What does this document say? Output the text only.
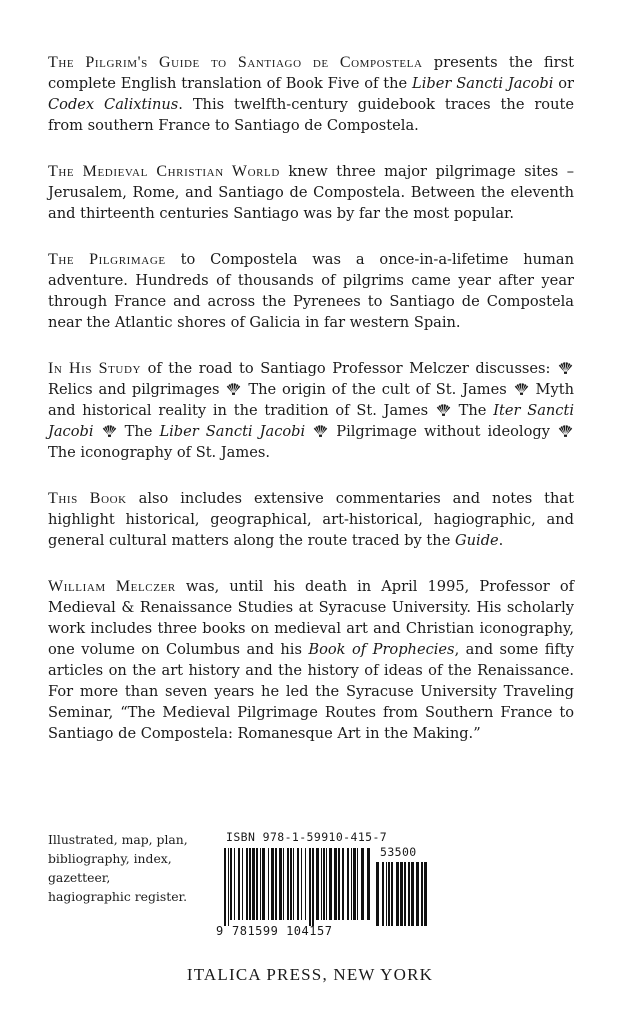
The Pilgrim's Guide to Santiago de Compostela presents the first complete English translation of Book Five of the Liber Sancti Jacobi or Codex Calixtinus. This twelfth-century guidebook traces the route from southern France to Santiago de Compostela.

The Medieval Christian World knew three major pilgrimage sites – Jerusalem, Rome, and Santiago de Compostela. Between the eleventh and thirteenth centuries Santiago was by far the most popular.

The Pilgrimage to Compostela was a once-in-a-lifetime human adventure. Hundreds of thousands of pilgrims came year after year through France and across the Pyrenees to Santiago de Compostela near the Atlantic shores of Galicia in far western Spain.

In His Study of the road to Santiago Professor Melczer discusses:
Relics and pilgrimages
The origin of the cult of St. James
Myth and historical reality in the tradition of St. James
The Iter Sancti Jacobi
The Liber Sancti Jacobi
Pilgrimage without ideology
The iconography of St. James.

This Book also includes extensive commentaries and notes that highlight historical, geographical, art-historical, hagiographic, and general cultural matters along the route traced by the Guide.

William Melczer was, until his death in April 1995, Professor of Medieval & Renaissance Studies at Syracuse University. His scholarly work includes three books on medieval art and Christian iconography, one volume on Columbus and his Book of Prophecies, and some fifty articles on the art history and the history of ideas of the Renaissance. For more than seven years he led the Syracuse University Traveling Seminar, “The Medieval Pilgrimage Routes from Southern France to Santiago de Compostela: Romanesque Art in the Making.”

Illustrated, map, plan,
bibliography, index,
gazetteer,
hagiographic register.
ISBN 978-1-59910-415-7
53500
9 781599 104157
ITALICA PRESS, NEW YORK
